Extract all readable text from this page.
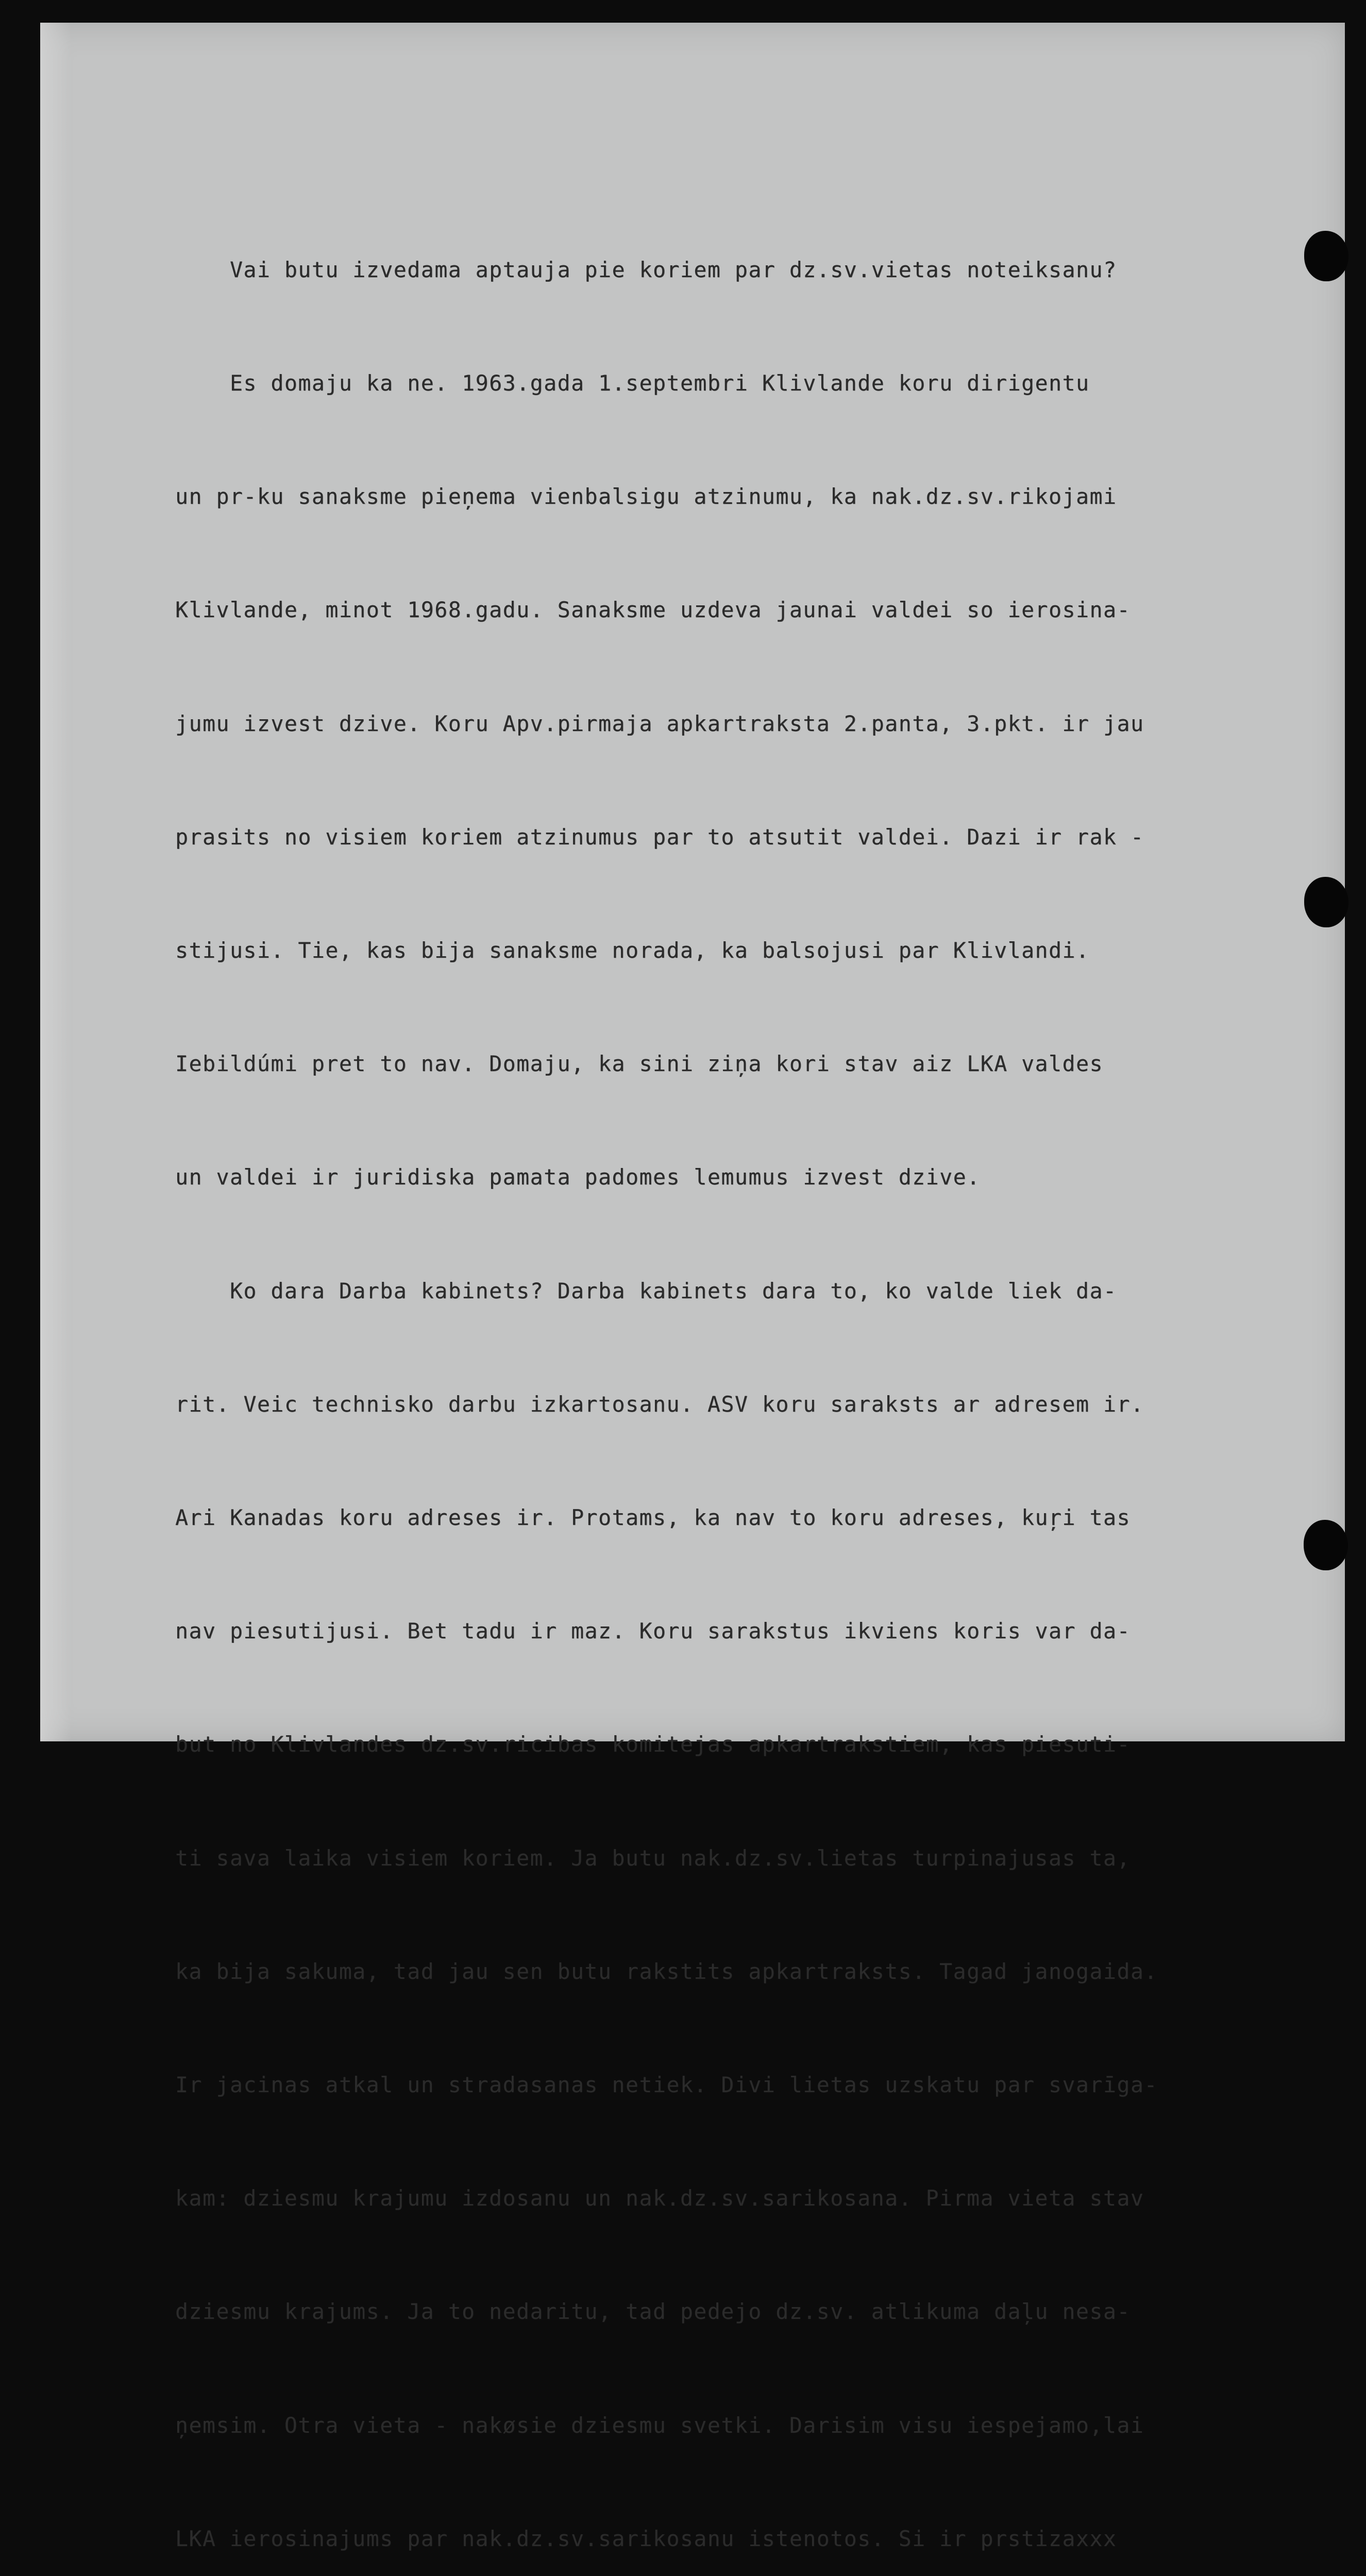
Vai butu izvedama aptauja pie koriem par dz.sv.vietas noteiksanu?

Es domaju ka ne. 1963.gada 1.septembri Klivlande koru dirigentu

un pr-ku sanaksme pieņema vienbalsigu atzinumu, ka nak.dz.sv.rikojami

Klivlande, minot 1968.gadu. Sanaksme uzdeva jaunai valdei so ierosina-

jumu izvest dzive. Koru Apv.pirmaja apkartraksta 2.panta, 3.pkt. ir jau

prasits no visiem koriem atzinumus par to atsutit valdei. Dazi ir rak -

stijusi. Tie, kas bija sanaksme norada, ka balsojusi par Klivlandi.

Iebildúmi pret to nav. Domaju, ka sini ziņa kori stav aiz LKA valdes

un valdei ir juridiska pamata padomes lemumus izvest dzive.

Ko dara Darba kabinets? Darba kabinets dara to, ko valde liek da-

rit. Veic technisko darbu izkartosanu. ASV koru saraksts ar adresem ir.

Ari Kanadas koru adreses ir. Protams, ka nav to koru adreses, kuŗi tas

nav piesutijusi. Bet tadu ir maz. Koru sarakstus ikviens koris var da-

but no Klivlandes dz.sv.ricibas komitejas apkartrakstiem, kas piesuti-

ti sava laika visiem koriem. Ja butu nak.dz.sv.lietas turpinajusas ta,

ka bija sakuma, tad jau sen butu rakstits apkartraksts. Tagad janogaida.

Ir jacinas atkal un stradasanas netiek. Divi lietas uzskatu par svarīga-

kam: dziesmu krajumu izdosanu un nak.dz.sv.sarikosana. Pirma vieta stav

dziesmu krajums. Ja to nedaritu, tad pedejo dz.sv. atlikuma daļu nesa-

ņemsim. Otra vieta - nakøsie dziesmu svetki. Darisim visu iespejamo,lai

LKA ierosinajums par nak.dz.sv.sarikosanu istenotos. Si ir prstizaxxx
